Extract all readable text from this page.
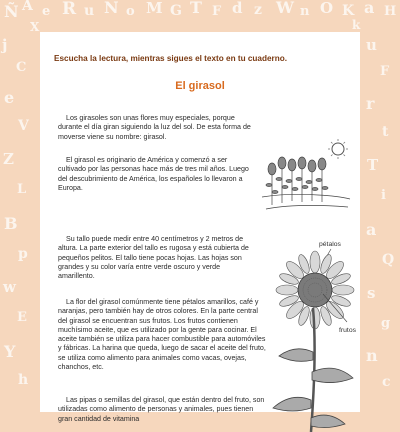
Ñ A e R u N o M G T F d z W n O K a H
j
C
e
V
Z
L
B
p
w
E
Y
h
u
F
r
t
T
i
a
Q
s
g
n
c
X	k
Escucha la lectura, mientras sigues el texto en tu cuaderno.
El girasol

Los girasoles son unas flores muy especiales, porque durante el día giran siguiendo la luz del sol. De esta forma de moverse viene su nombre: girasol.

El girasol es originario de América y comenzó a ser cultivado por las personas hace más de tres mil años. Luego del descubrimiento de América, los españoles lo llevaron a Europa.

Su tallo puede medir entre 40 centímetros y 2 metros de altura. La parte exterior del tallo es rugosa y está cubierta de pequeños pelitos. El tallo tiene pocas hojas. Las hojas son grandes y su color varía entre verde oscuro y verde amarillento.

La flor del girasol comúnmente tiene pétalos amarillos, café y naranjas, pero también hay de otros colores. En la parte central del girasol se encuentran sus frutos. Los frutos contienen muchísimo aceite, que es utilizado por la gente para cocinar. El aceite también se utiliza para hacer combustible para automóviles y fábricas. La harina que queda, luego de sacar el aceite del fruto, se utiliza como alimento para animales como vacas, ovejas, chanchos, etc.

Las pipas o semillas del girasol, que están dentro del fruto, son utilizadas como alimento de personas y animales, pues tienen gran cantidad de vitamina

pétalos
frutos
